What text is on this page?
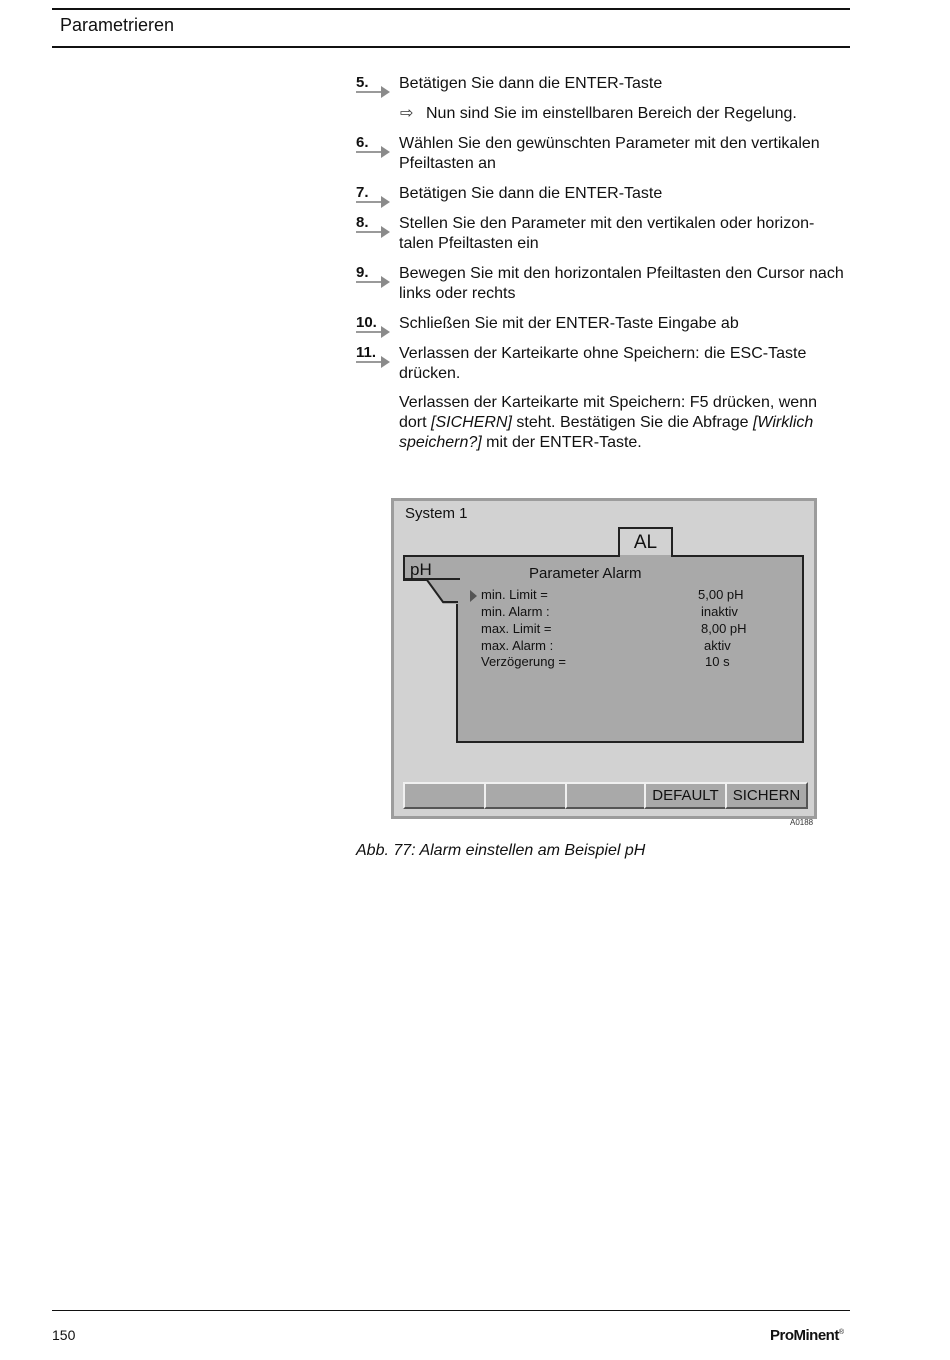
Parametrieren
5. Betätigen Sie dann die ENTER-Taste
⇨ Nun sind Sie im einstellbaren Bereich der Regelung.
6. Wählen Sie den gewünschten Parameter mit den vertikalen Pfeiltasten an
7. Betätigen Sie dann die ENTER-Taste
8. Stellen Sie den Parameter mit den vertikalen oder horizon-talen Pfeiltasten ein
9. Bewegen Sie mit den horizontalen Pfeiltasten den Cursor nach links oder rechts
10. Schließen Sie mit der ENTER-Taste Eingabe ab
11. Verlassen der Karteikarte ohne Speichern: die ESC-Taste drücken.
Verlassen der Karteikarte mit Speichern: F5 drücken, wenn dort [SICHERN] steht. Bestätigen Sie die Abfrage [Wirklich speichern?] mit der ENTER-Taste.
System 1
AL
pH	Parameter Alarm
min. Limit =	5,00 pH
min. Alarm :	inaktiv
max. Limit =	8,00 pH
max. Alarm :	aktiv
Verzögerung =	10 s
DEFAULT SICHERN
A0188
Abb. 77: Alarm einstellen am Beispiel pH
150	ProMinent®
